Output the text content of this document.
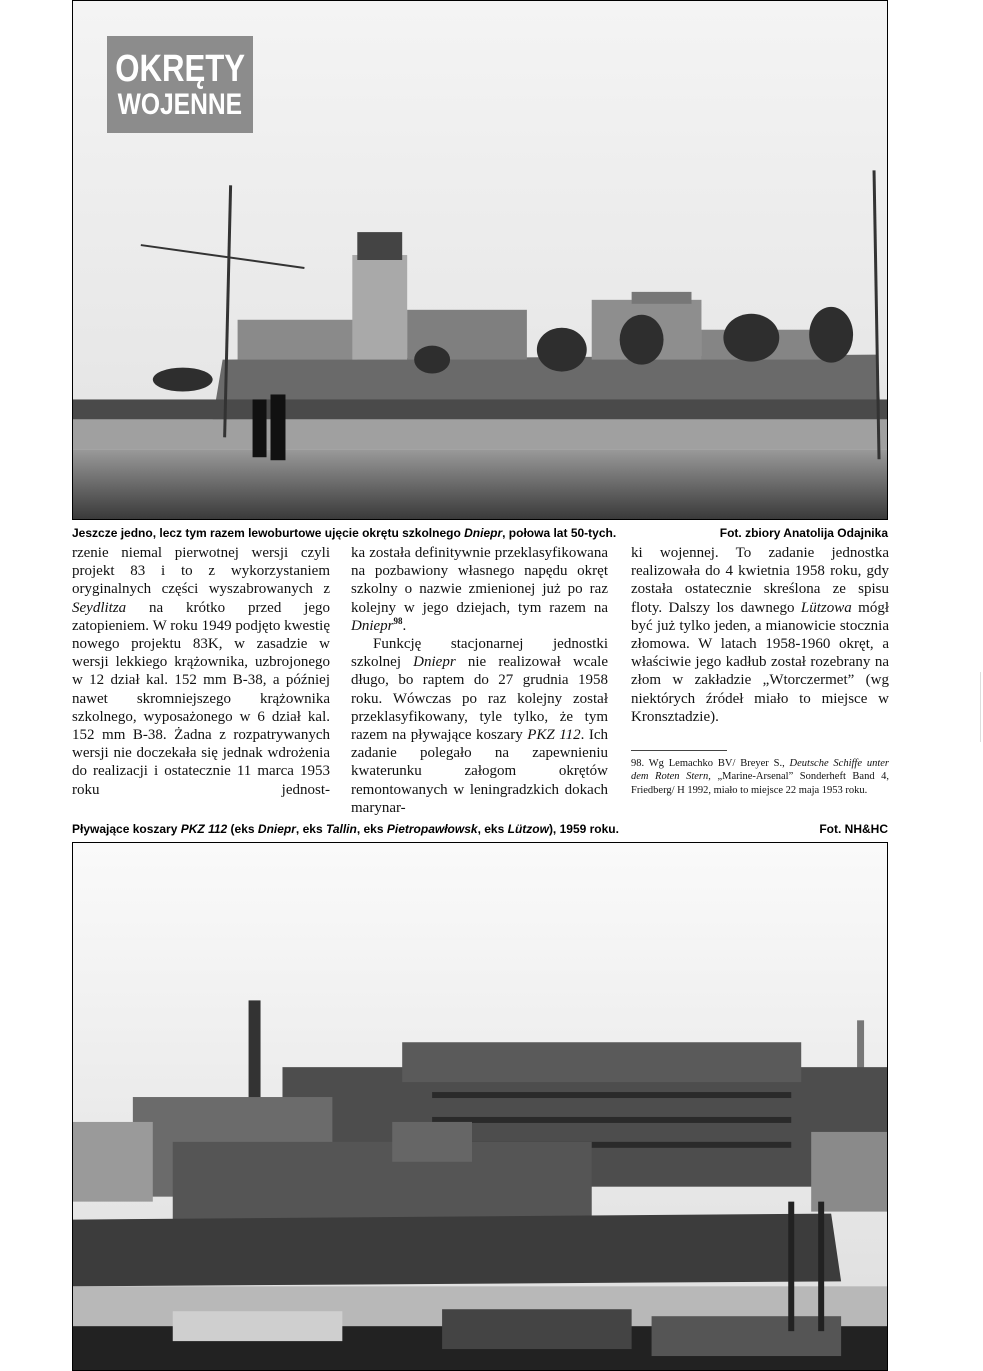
OKRĘTY
WOJENNE
Jeszcze jedno, lecz tym razem lewoburtowe ujęcie okrętu szkolnego Dniepr, połowa lat 50-tych.	Fot. zbiory Anatolija Odajnika

rzenie niemal pierwotnej wersji czyli projekt 83 i to z wykorzystaniem oryginalnych części wyszabrowanych z Seydlitza na krótko przed jego zatopieniem. W roku 1949 podjęto kwestię nowego projektu 83K, w zasadzie w wersji lekkiego krążownika, uzbrojonego w 12 dział kal. 152 mm B-38, a później nawet skromniejszego krążownika szkolnego, wyposażonego w 6 dział kal. 152 mm B-38. Żadna z rozpatrywanych wersji nie doczekała się jednak wdrożenia do realizacji i ostatecznie 11 marca 1953 roku jednost-

ka została definitywnie przeklasyfikowana na pozbawiony własnego napędu okręt szkolny o nazwie zmienionej już po raz kolejny w jego dziejach, tym razem na Dniepr$^{98}$.

Funkcję stacjonarnej jednostki szkolnej Dniepr nie realizował wcale długo, bo raptem do 27 grudnia 1958 roku. Wówczas po raz kolejny został przeklasyfikowany, tyle tylko, że tym razem na pływające koszary PKZ 112. Ich zadanie polegało na zapewnieniu kwaterunku załogom okrętów remontowanych w leningradzkich dokach marynar-

ki wojennej. To zadanie jednostka realizowała do 4 kwietnia 1958 roku, gdy została ostatecznie skreślona ze spisu floty. Dalszy los dawnego Lützowa mógł być już tylko jeden, a mianowicie stocznia złomowa. W latach 1958-1960 okręt, a właściwie jego kadłub został rozebrany na złom w zakładzie „Wtorczermet” (wg niektórych źródeł miało to miejsce w Kronsztadzie).

98. Wg Lemachko BV/ Breyer S., Deutsche Schiffe unter dem Roten Stern, „Marine-Arsenal” Sonderheft Band 4, Friedberg/ H 1992, miało to miejsce 22 maja 1953 roku.
Pływające koszary PKZ 112 (eks Dniepr, eks Tallin, eks Pietropawłowsk, eks Lützow), 1959 roku.	Fot. NH&HC
